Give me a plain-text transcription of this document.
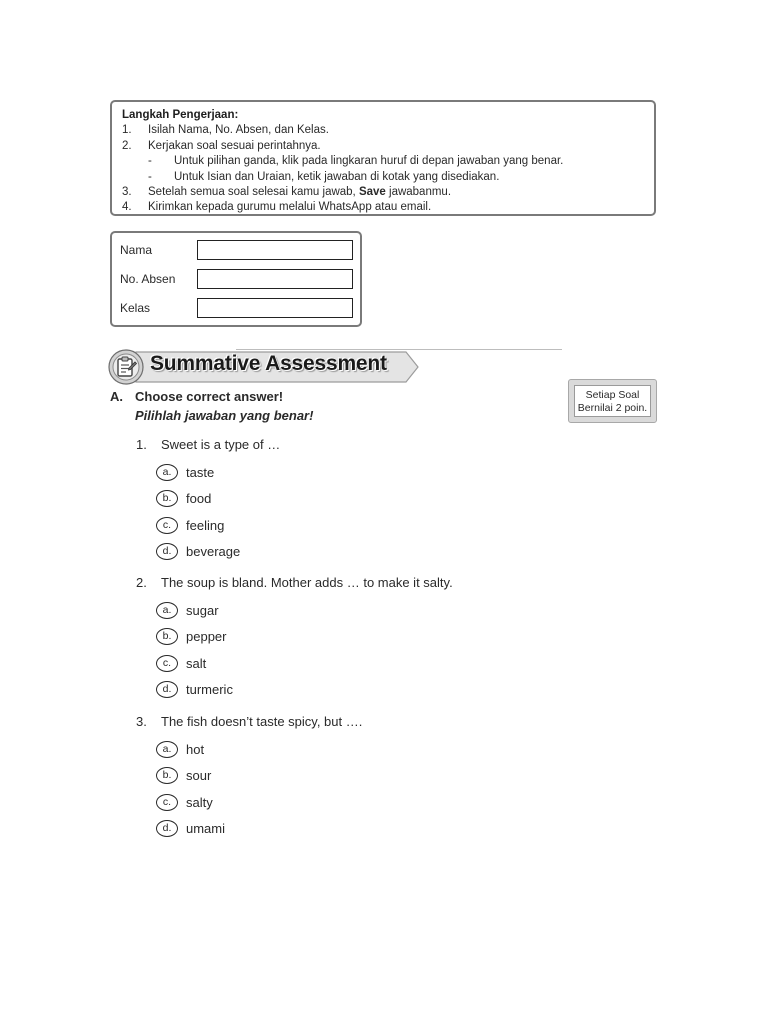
Langkah Pengerjaan:
1.	Isilah Nama, No. Absen, dan Kelas.
2.	Kerjakan soal sesuai perintahnya.
-	Untuk pilihan ganda, klik pada lingkaran huruf di depan jawaban yang benar.
-	Untuk Isian dan Uraian, ketik jawaban di kotak yang disediakan.
3.	Setelah semua soal selesai kamu jawab, Save jawabanmu.
4.	Kirimkan kepada gurumu melalui WhatsApp atau email.
Nama
No. Absen
Kelas
Summative Assessment
A. Choose correct answer!
Pilihlah jawaban yang benar!
Setiap Soal
Bernilai 2 poin.
1.	Sweet is a type of …
a.	taste
b.	food
c.	feeling
d.	beverage
2.	The soup is bland. Mother adds … to make it salty.
a.	sugar
b.	pepper
c.	salt
d.	turmeric
3.	The fish doesn’t taste spicy, but ….
a.	hot
b.	sour
c.	salty
d.	umami
